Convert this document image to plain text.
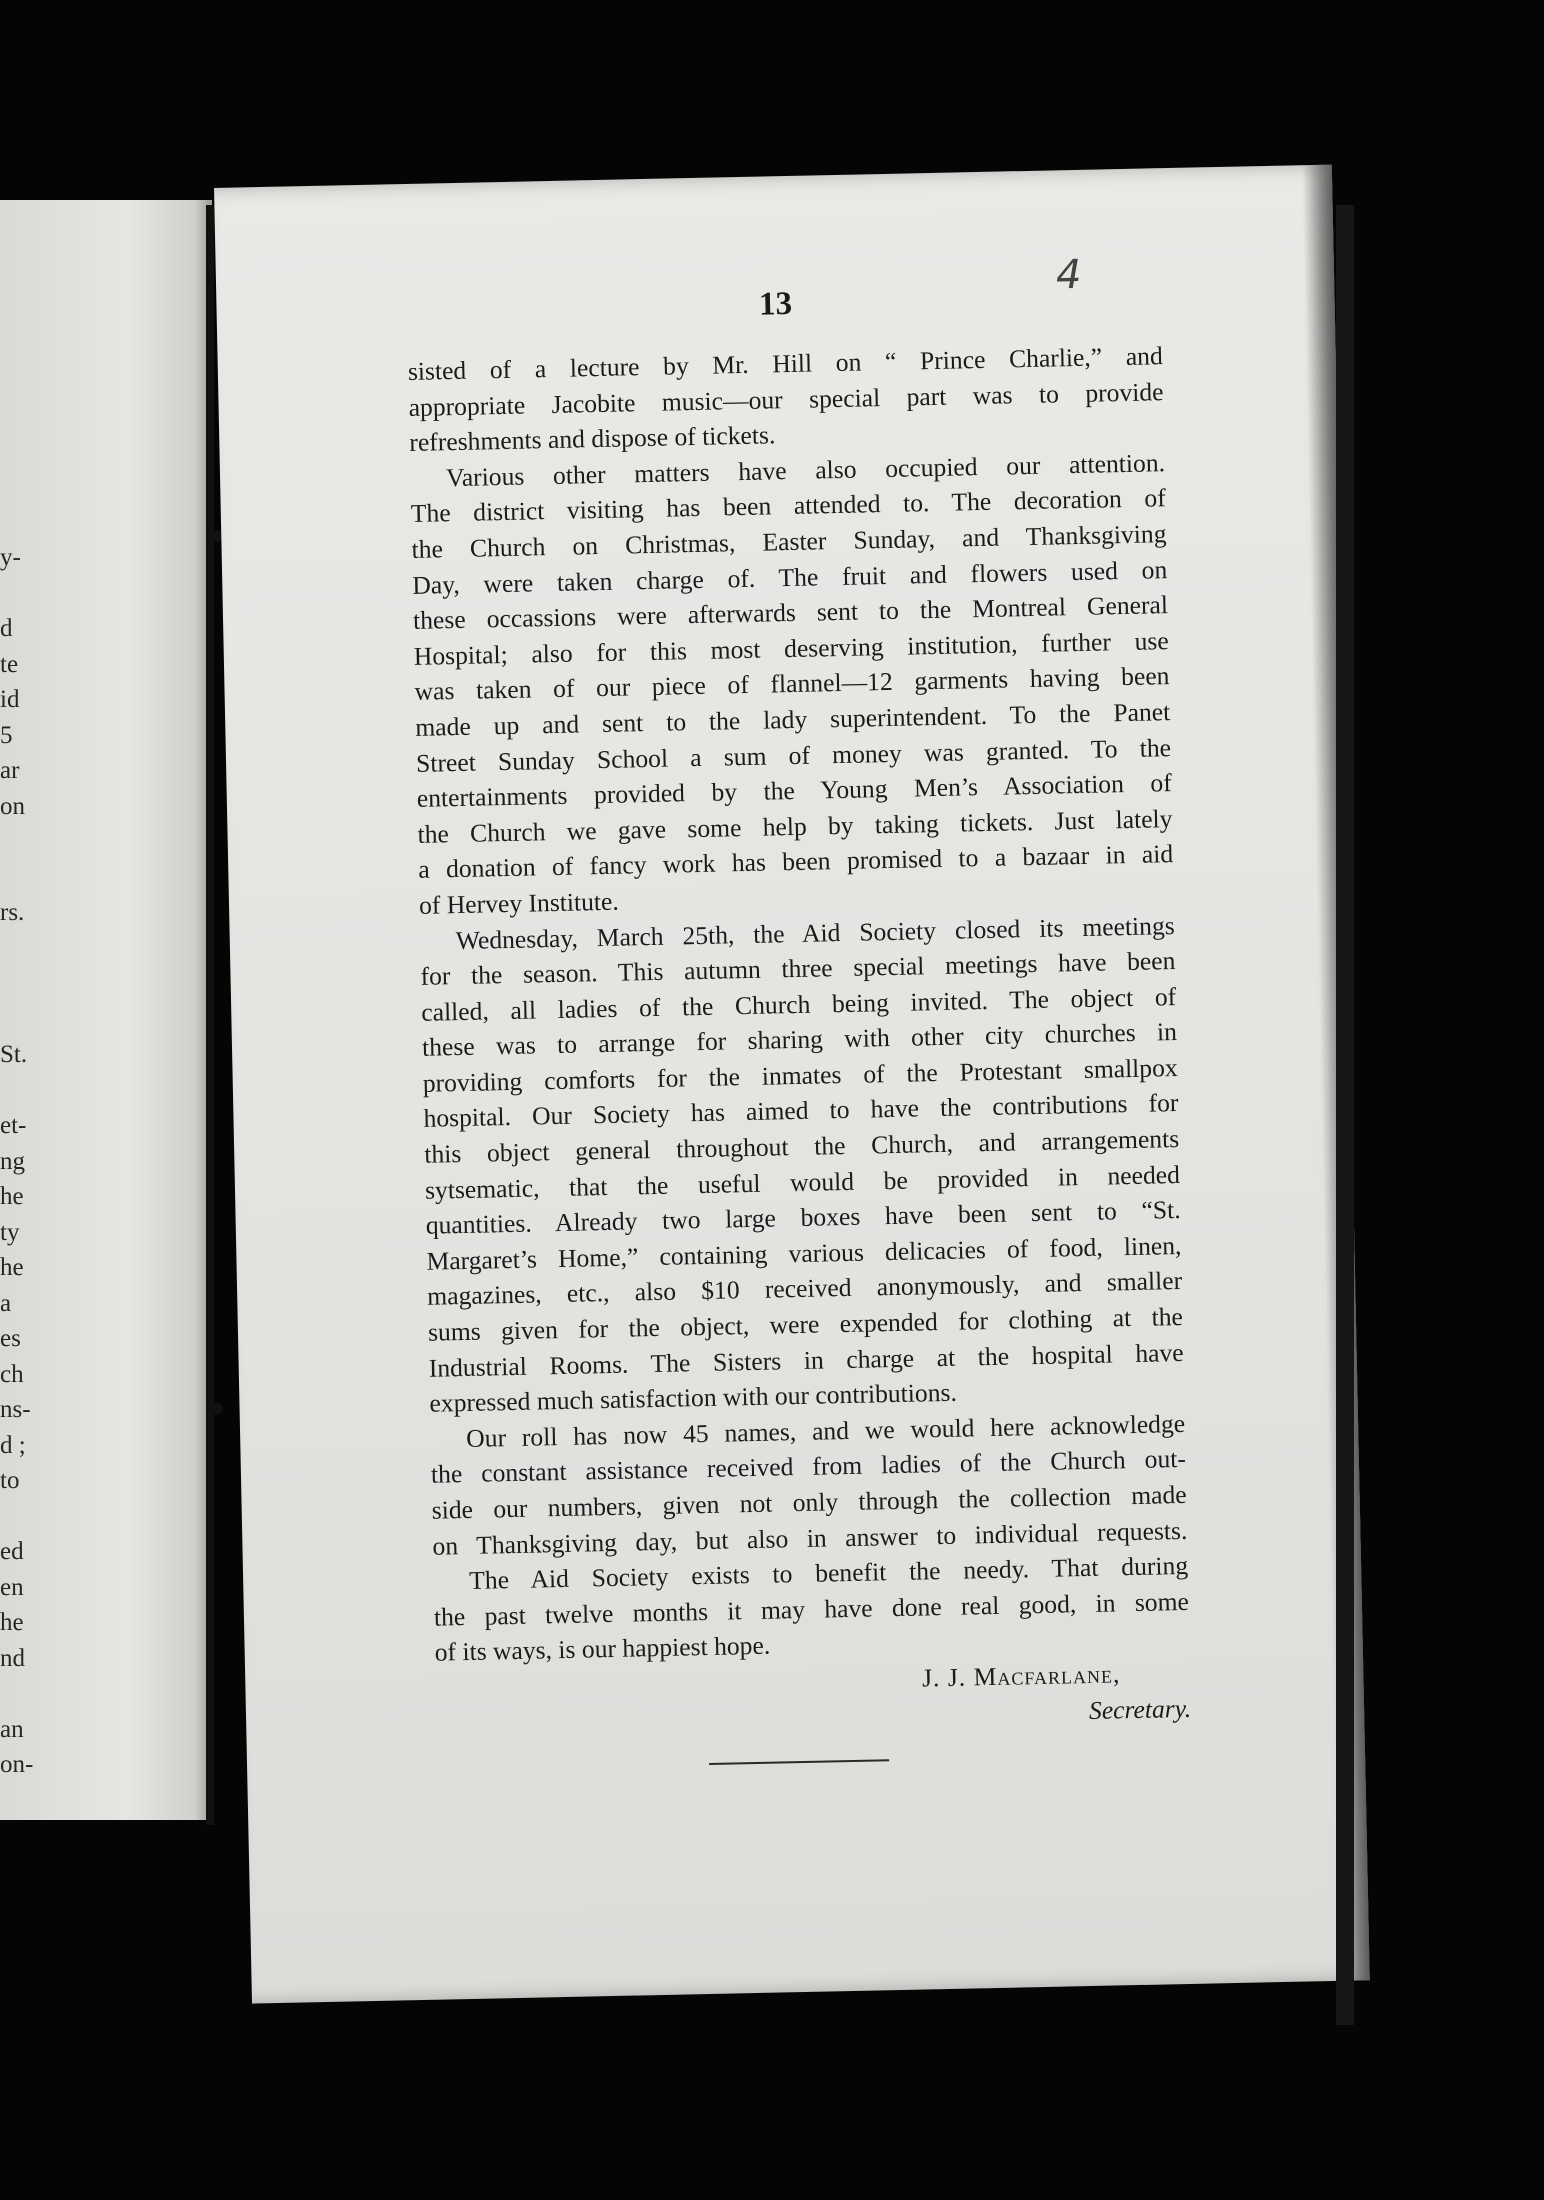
y-
d
te
id
5
ar
on
rs.
St.
et-
ng
he
ty
he
a
es
ch
ns-
d ;
to
ed
en
he
nd
an
on-
13
4
sisted of a lecture by Mr. Hill on “ Prince Charlie,” and
appropriate Jacobite music—our special part was to provide
refreshments and dispose of tickets.
Various other matters have also occupied our attention.
The district visiting has been attended to. The decoration of
the Church on Christmas, Easter Sunday, and Thanksgiving
Day, were taken charge of. The fruit and flowers used on
these occassions were afterwards sent to the Montreal General
Hospital; also for this most deserving institution, further use
was taken of our piece of flannel—12 garments having been
made up and sent to the lady superintendent. To the Panet
Street Sunday School a sum of money was granted. To the
entertainments provided by the Young Men’s Association of
the Church we gave some help by taking tickets. Just lately
a donation of fancy work has been promised to a bazaar in aid
of Hervey Institute.
Wednesday, March 25th, the Aid Society closed its meetings
for the season. This autumn three special meetings have been
called, all ladies of the Church being invited. The object of
these was to arrange for sharing with other city churches in
providing comforts for the inmates of the Protestant smallpox
hospital. Our Society has aimed to have the contributions for
this object general throughout the Church, and arrangements
sytsematic, that the useful would be provided in needed
quantities. Already two large boxes have been sent to “St.
Margaret’s Home,” containing various delicacies of food, linen,
magazines, etc., also $10 received anonymously, and smaller
sums given for the object, were expended for clothing at the
Industrial Rooms. The Sisters in charge at the hospital have
expressed much satisfaction with our contributions.
Our roll has now 45 names, and we would here acknowledge
the constant assistance received from ladies of the Church out-
side our numbers, given not only through the collection made
on Thanksgiving day, but also in answer to individual requests.
The Aid Society exists to benefit the needy. That during
the past twelve months it may have done real good, in some
of its ways, is our happiest hope.
J. J. Macfarlane,
Secretary.
